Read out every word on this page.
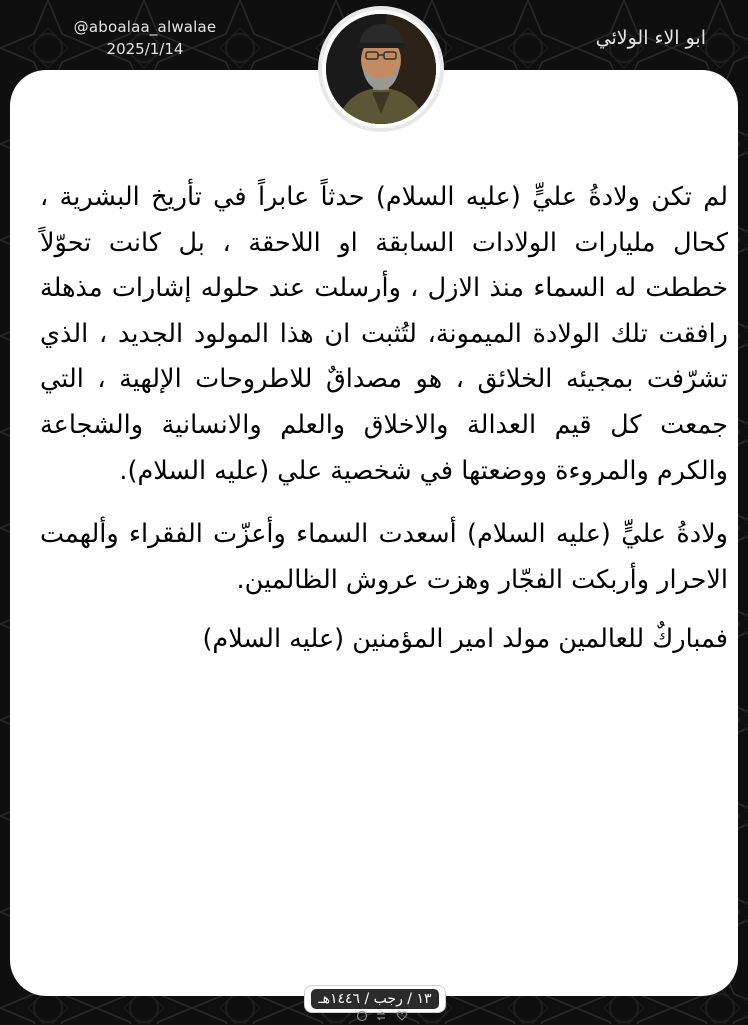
@aboalaa_alwalae
2025/1/14	ابو الاء الولائي

لم تكن ولادةُ عليٍّ (عليه السلام) حدثاً عابراً في تأريخ البشرية ، كحال مليارات الولادات السابقة او اللاحقة ، بل كانت تحوّلاً خططت له السماء منذ الازل ، وأرسلت عند حلوله إشارات مذهلة رافقت تلك الولادة الميمونة، لتُثبت ان هذا المولود الجديد ، الذي تشرّفت بمجيئه الخلائق ، هو مصداقٌ للاطروحات الإلهية ، التي جمعت كل قيم العدالة والاخلاق والعلم والانسانية والشجاعة والكرم والمروءة ووضعتها في شخصية علي (عليه السلام).

ولادةُ عليٍّ (عليه السلام) أسعدت السماء وأعزّت الفقراء وألهمت الاحرار وأربكت الفجّار وهزت عروش الظالمين.

فمباركٌ للعالمين مولد امير المؤمنين (عليه السلام)

١٣ / رجب / ١٤٤٦هـ
